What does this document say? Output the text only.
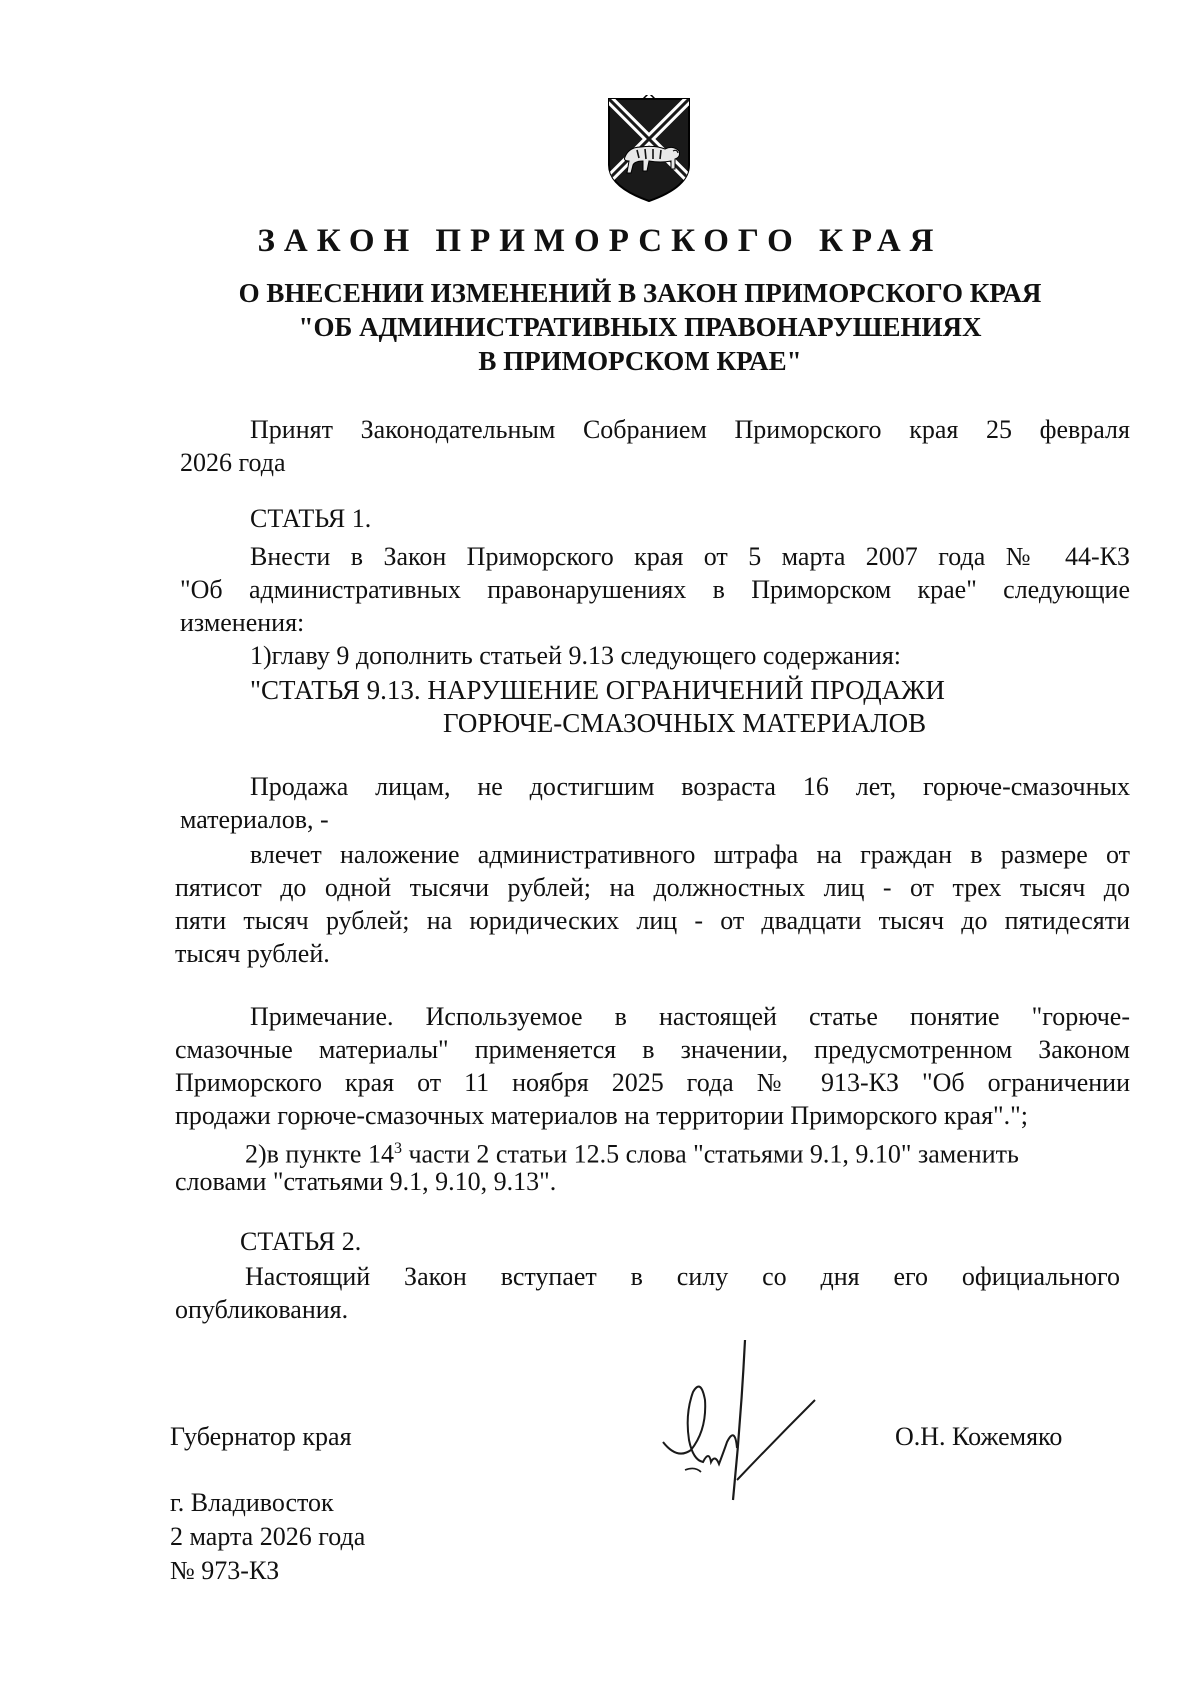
ЗАКОН ПРИМОРСКОГО КРАЯ
О ВНЕСЕНИИ ИЗМЕНЕНИЙ В ЗАКОН ПРИМОРСКОГО КРАЯ
"ОБ АДМИНИСТРАТИВНЫХ ПРАВОНАРУШЕНИЯХ
В ПРИМОРСКОМ КРАЕ"
Принят Законодательным Собранием Приморского края 25 февраля
2026 года
СТАТЬЯ 1.
Внести в Закон Приморского края от 5 марта 2007 года № 44-КЗ
"Об административных правонарушениях в Приморском крае" следующие
изменения:
1)главу 9 дополнить статьей 9.13 следующего содержания:
"СТАТЬЯ 9.13. НАРУШЕНИЕ ОГРАНИЧЕНИЙ ПРОДАЖИ
ГОРЮЧЕ-СМАЗОЧНЫХ МАТЕРИАЛОВ
Продажа лицам, не достигшим возраста 16 лет, горюче-смазочных
материалов, -
влечет наложение административного штрафа на граждан в размере от
пятисот до одной тысячи рублей; на должностных лиц - от трех тысяч до
пяти тысяч рублей; на юридических лиц - от двадцати тысяч до пятидесяти
тысяч рублей.
Примечание. Используемое в настоящей статье понятие "горюче-
смазочные материалы" применяется в значении, предусмотренном Законом
Приморского края от 11 ноября 2025 года № 913-КЗ "Об ограничении
продажи горюче-смазочных материалов на территории Приморского края".";
2)в пункте $14^3$ части 2 статьи 12.5 слова "статьями 9.1, 9.10" заменить
словами "статьями 9.1, 9.10, 9.13".
СТАТЬЯ 2.
Настоящий Закон вступает в силу со дня его официального
опубликования.
Губернатор края	О.Н. Кожемяко
г. Владивосток
2 марта 2026 года
№ 973-КЗ
